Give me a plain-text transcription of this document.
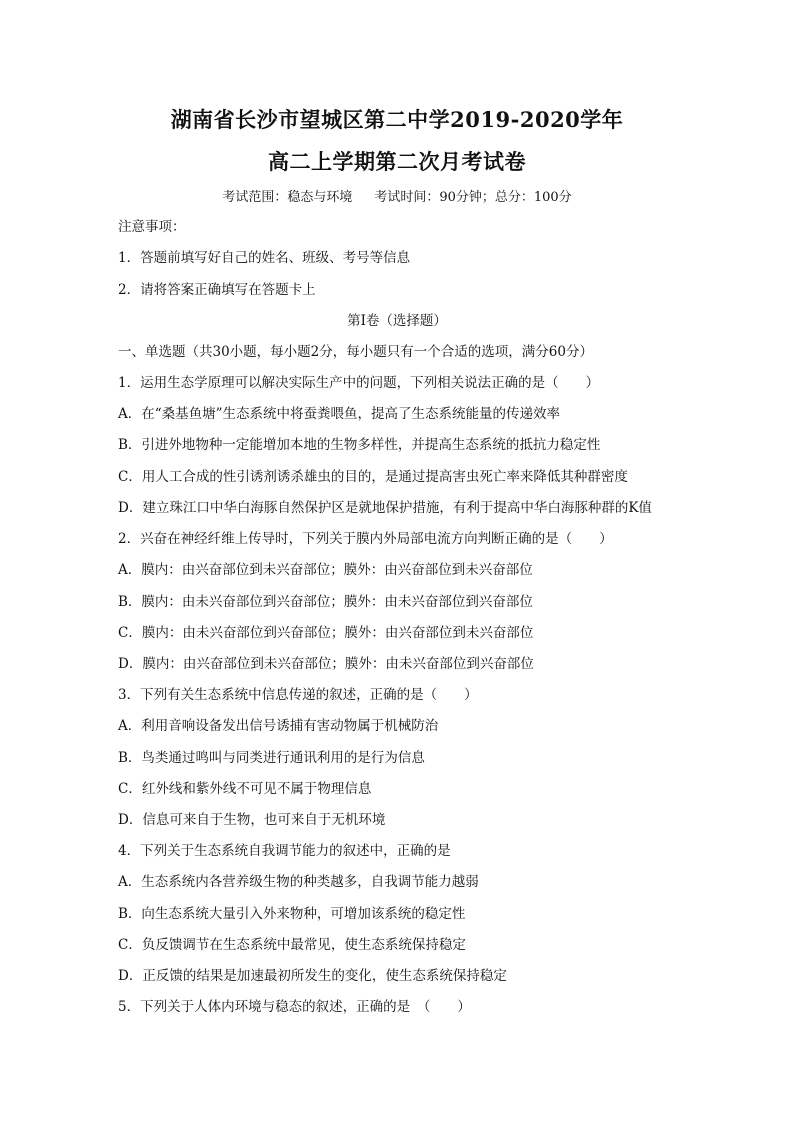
湖南省长沙市望城区第二中学2019-2020学年
高二上学期第二次月考试卷
考试范围：稳态与环境 考试时间：90分钟；总分：100分
注意事项：
1．答题前填写好自己的姓名、班级、考号等信息
2．请将答案正确填写在答题卡上
第I卷（选择题）
一、单选题（共30小题，每小题2分，每小题只有一个合适的选项，满分60分）
1．运用生态学原理可以解决实际生产中的问题，下列相关说法正确的是（　　）
A．在“桑基鱼塘”生态系统中将蚕粪喂鱼，提高了生态系统能量的传递效率
B．引进外地物种一定能增加本地的生物多样性，并提高生态系统的抵抗力稳定性
C．用人工合成的性引诱剂诱杀雄虫的目的，是通过提高害虫死亡率来降低其种群密度
D．建立珠江口中华白海豚自然保护区是就地保护措施，有利于提高中华白海豚种群的K值
2．兴奋在神经纤维上传导时，下列关于膜内外局部电流方向判断正确的是（　　）
A．膜内：由兴奋部位到未兴奋部位；膜外：由兴奋部位到未兴奋部位
B．膜内：由未兴奋部位到兴奋部位；膜外：由未兴奋部位到兴奋部位
C．膜内：由未兴奋部位到兴奋部位；膜外：由兴奋部位到未兴奋部位
D．膜内：由兴奋部位到未兴奋部位；膜外：由未兴奋部位到兴奋部位
3．下列有关生态系统中信息传递的叙述，正确的是（　　）
A．利用音响设备发出信号诱捕有害动物属于机械防治
B．鸟类通过鸣叫与同类进行通讯利用的是行为信息
C．红外线和紫外线不可见不属于物理信息
D．信息可来自于生物，也可来自于无机环境
4．下列关于生态系统自我调节能力的叙述中，正确的是
A．生态系统内各营养级生物的种类越多，自我调节能力越弱
B．向生态系统大量引入外来物种，可增加该系统的稳定性
C．负反馈调节在生态系统中最常见，使生态系统保持稳定
D．正反馈的结果是加速最初所发生的变化，使生态系统保持稳定
5．下列关于人体内环境与稳态的叙述，正确的是　（　　）
